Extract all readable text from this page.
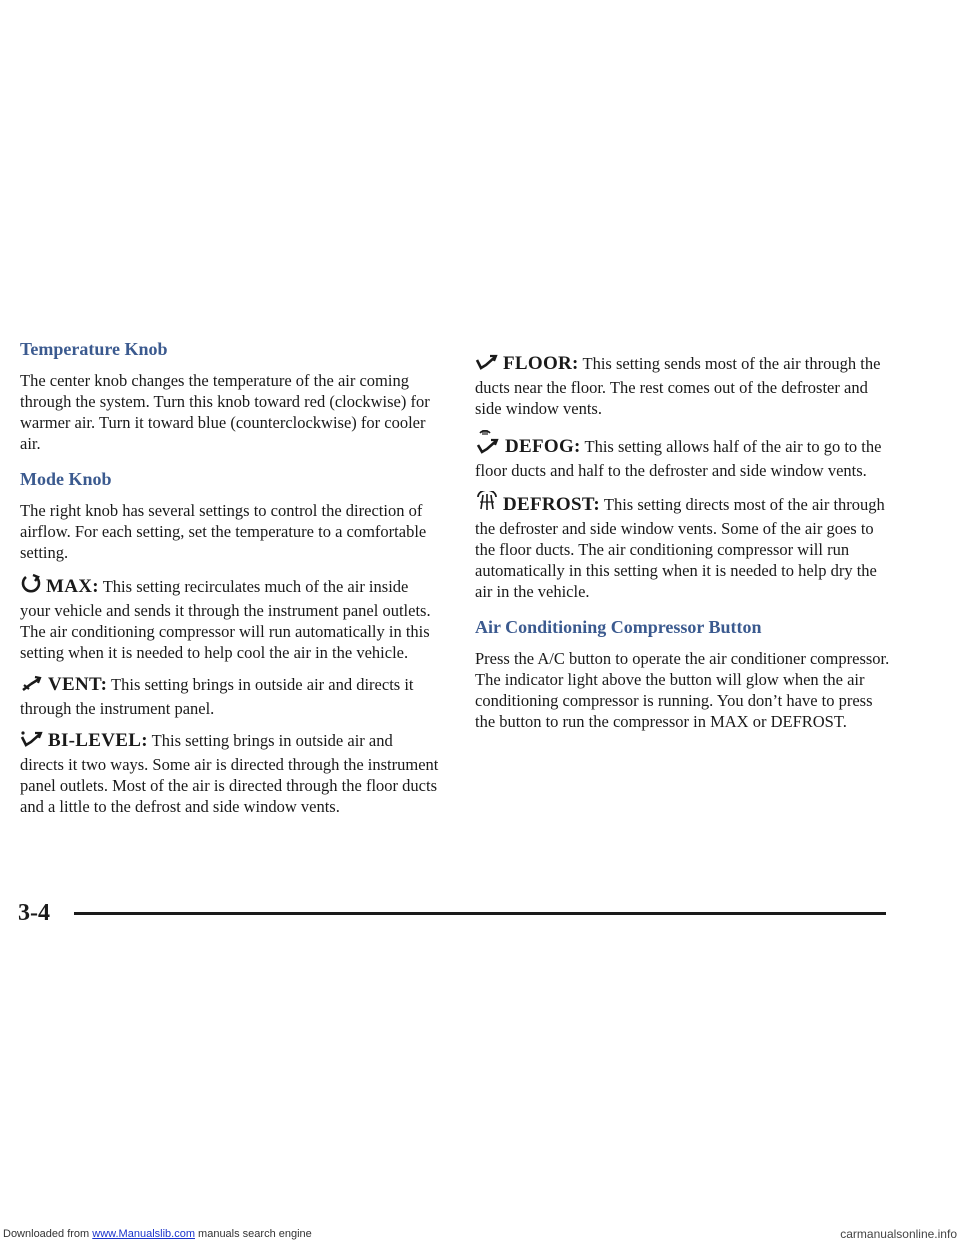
Temperature Knob

The center knob changes the temperature of the air coming through the system. Turn this knob toward red (clockwise) for warmer air. Turn it toward blue (counterclockwise) for cooler air.

Mode Knob

The right knob has several settings to control the direction of airflow. For each setting, set the temperature to a comfortable setting.

MAX: This setting recirculates much of the air inside your vehicle and sends it through the instrument panel outlets. The air conditioning compressor will run automatically in this setting when it is needed to help cool the air in the vehicle.

VENT: This setting brings in outside air and directs it through the instrument panel.

BI-LEVEL: This setting brings in outside air and directs it two ways. Some air is directed through the instrument panel outlets. Most of the air is directed through the floor ducts and a little to the defrost and side window vents.

FLOOR: This setting sends most of the air through the ducts near the floor. The rest comes out of the defroster and side window vents.

DEFOG: This setting allows half of the air to go to the floor ducts and half to the defroster and side window vents.

DEFROST: This setting directs most of the air through the defroster and side window vents. Some of the air goes to the floor ducts. The air conditioning compressor will run automatically in this setting when it is needed to help dry the air in the vehicle.

Air Conditioning Compressor Button

Press the A/C button to operate the air conditioner compressor. The indicator light above the button will glow when the air conditioning compressor is running. You don’t have to press the button to run the compressor in MAX or DEFROST.

3-4
Downloaded from www.Manualslib.com manuals search engine	carmanualsonline.info
